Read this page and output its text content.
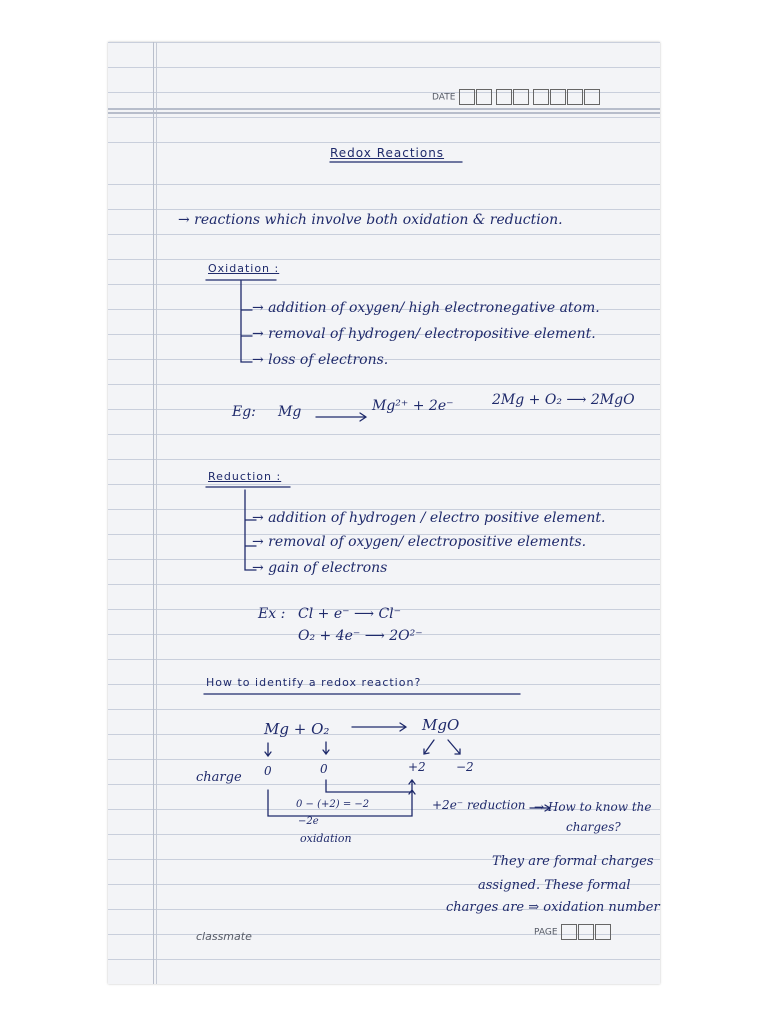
DATE
Redox Reactions
→ reactions which involve both oxidation & reduction.
Oxidation :
→ addition of oxygen/ high electronegative atom.
→ removal of hydrogen/ electropositive element.
→ loss of electrons.
Eg: Mg	Mg²⁺ + 2e⁻	2Mg + O₂ ⟶ 2MgO
Reduction :
→ addition of hydrogen / electro positive element.
→ removal of oxygen/ electropositive elements.
→ gain of electrons
Ex : Cl + e⁻ ⟶ Cl⁻
O₂ + 4e⁻ ⟶ 2O²⁻
How to identify a redox reaction?
Mg + O₂	MgO
charge 0	0	+2	−2
0 − (+2) = −2
−2e
oxidation
+2e⁻ reduction → How to know the
charges?
They are formal charges
assigned. These formal
charges are ⇒ oxidation number
classmate	PAGE
